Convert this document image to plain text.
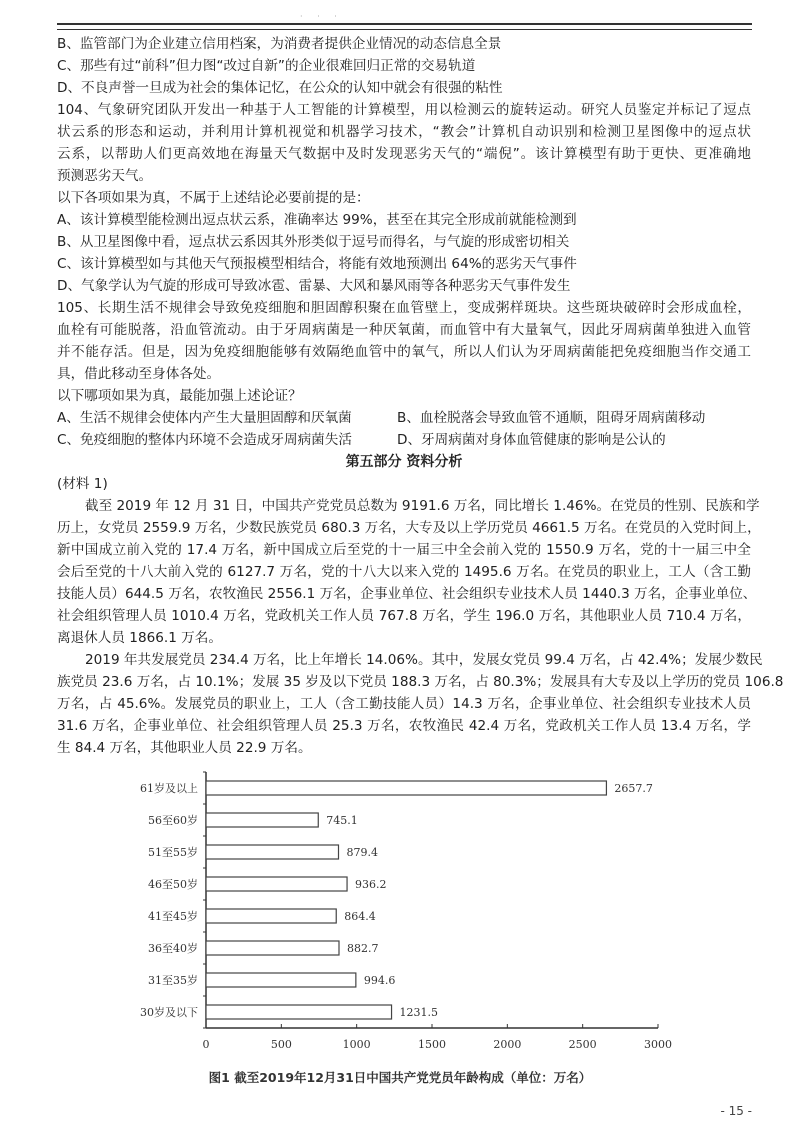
· · ·
B、监管部门为企业建立信用档案，为消费者提供企业情况的动态信息全景
C、那些有过“前科”但力图“改过自新”的企业很难回归正常的交易轨道
D、不良声誉一旦成为社会的集体记忆，在公众的认知中就会有很强的粘性
104、气象研究团队开发出一种基于人工智能的计算模型，用以检测云的旋转运动。研究人员鉴定并标记了逗点
状云系的形态和运动，并利用计算机视觉和机器学习技术，“教会”计算机自动识别和检测卫星图像中的逗点状
云系，以帮助人们更高效地在海量天气数据中及时发现恶劣天气的“端倪”。该计算模型有助于更快、更准确地
预测恶劣天气。
以下各项如果为真，不属于上述结论必要前提的是：
A、该计算模型能检测出逗点状云系，准确率达 99%，甚至在其完全形成前就能检测到
B、从卫星图像中看，逗点状云系因其外形类似于逗号而得名，与气旋的形成密切相关
C、该计算模型如与其他天气预报模型相结合，将能有效地预测出 64%的恶劣天气事件
D、气象学认为气旋的形成可导致冰雹、雷暴、大风和暴风雨等各种恶劣天气事件发生
105、长期生活不规律会导致免疫细胞和胆固醇积聚在血管壁上，变成粥样斑块。这些斑块破碎时会形成血栓，
血栓有可能脱落，沿血管流动。由于牙周病菌是一种厌氧菌，而血管中有大量氧气，因此牙周病菌单独进入血管
并不能存活。但是，因为免疫细胞能够有效隔绝血管中的氧气，所以人们认为牙周病菌能把免疫细胞当作交通工
具，借此移动至身体各处。
以下哪项如果为真，最能加强上述论证？
A、生活不规律会使体内产生大量胆固醇和厌氧菌	B、血栓脱落会导致血管不通顺，阻碍牙周病菌移动
C、免疫细胞的整体内环境不会造成牙周病菌失活	D、牙周病菌对身体血管健康的影响是公认的
第五部分 资料分析
(材料 1)
截至 2019 年 12 月 31 日，中国共产党党员总数为 9191.6 万名，同比增长 1.46%。在党员的性别、民族和学
历上，女党员 2559.9 万名，少数民族党员 680.3 万名，大专及以上学历党员 4661.5 万名。在党员的入党时间上，
新中国成立前入党的 17.4 万名，新中国成立后至党的十一届三中全会前入党的 1550.9 万名，党的十一届三中全
会后至党的十八大前入党的 6127.7 万名，党的十八大以来入党的 1495.6 万名。在党员的职业上，工人（含工勤
技能人员）644.5 万名，农牧渔民 2556.1 万名，企事业单位、社会组织专业技术人员 1440.3 万名，企事业单位、
社会组织管理人员 1010.4 万名，党政机关工作人员 767.8 万名，学生 196.0 万名，其他职业人员 710.4 万名，
离退休人员 1866.1 万名。
2019 年共发展党员 234.4 万名，比上年增长 14.06%。其中，发展女党员 99.4 万名，占 42.4%；发展少数民
族党员 23.6 万名，占 10.1%；发展 35 岁及以下党员 188.3 万名，占 80.3%；发展具有大专及以上学历的党员 106.8
万名，占 45.6%。发展党员的职业上，工人（含工勤技能人员）14.3 万名，企事业单位、社会组织专业技术人员
31.6 万名，企事业单位、社会组织管理人员 25.3 万名，农牧渔民 42.4 万名，党政机关工作人员 13.4 万名，学
生 84.4 万名，其他职业人员 22.9 万名。
0	500	1000	1500	2000	2500	3000
61岁及以上	2657.7
56至60岁	745.1
51至55岁	879.4
46至50岁	936.2
41至45岁	864.4
36至40岁	882.7
31至35岁	994.6
30岁及以下	1231.5
图1 截至2019年12月31日中国共产党党员年龄构成（单位：万名）
- 15 -
